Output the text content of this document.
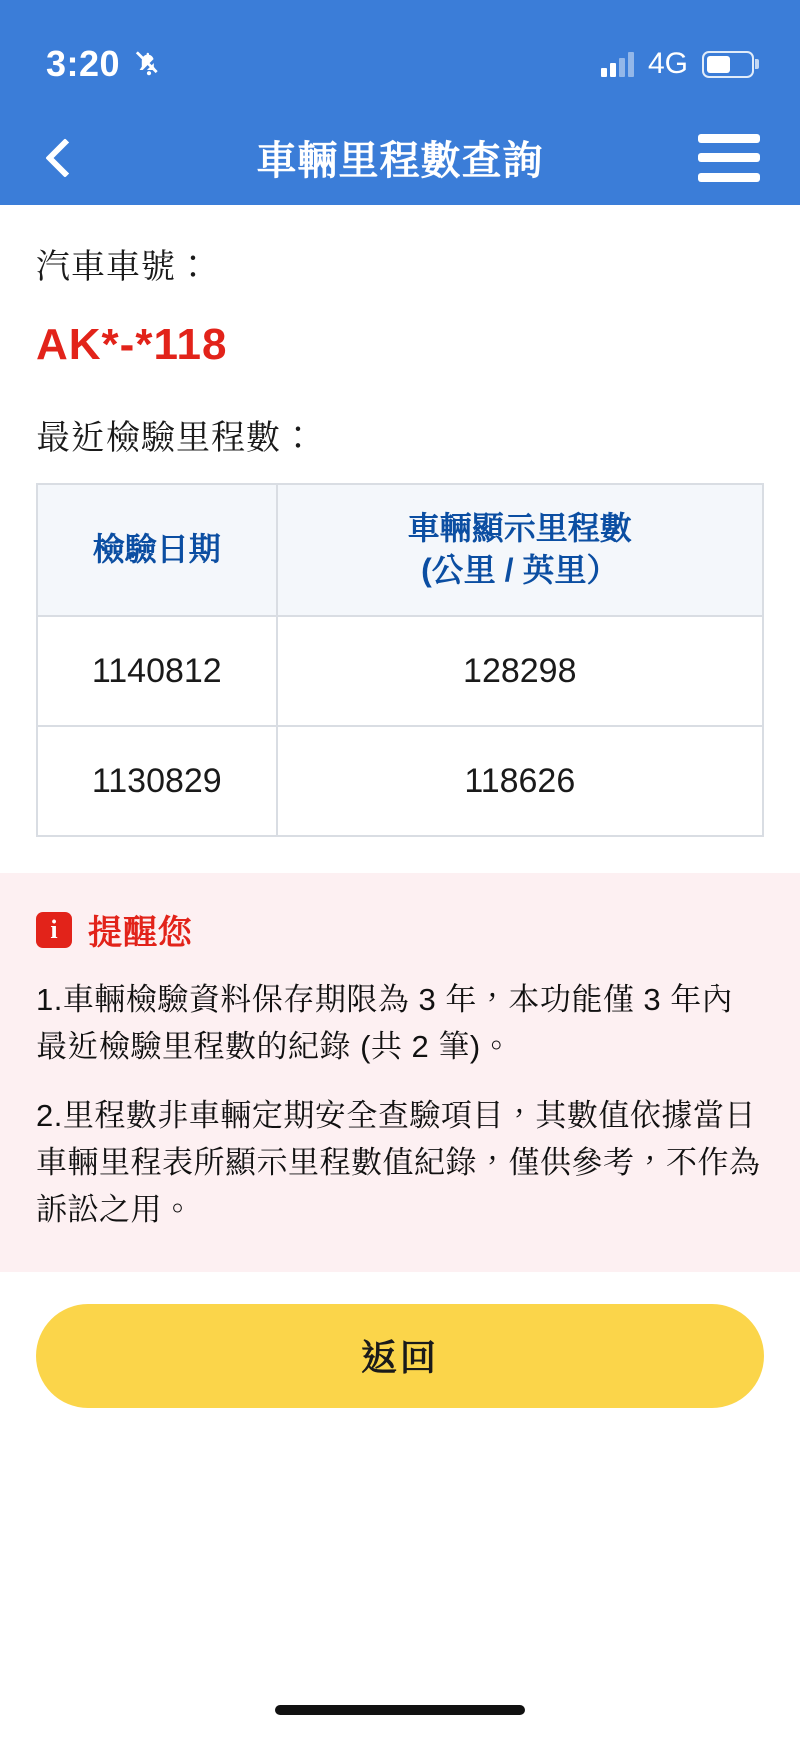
3:20	4G
車輛里程數查詢
汽車車號：
AK*-*118
最近檢驗里程數：
檢驗日期	車輛顯示里程數
(公里 / 英里）

1140812	128298
1130829	118626
i 提醒您
1.車輛檢驗資料保存期限為 3 年，本功能僅 3 年內最近檢驗里程數的紀錄 (共 2 筆)。
2.里程數非車輛定期安全查驗項目，其數值依據當日車輛里程表所顯示里程數值紀錄，僅供參考，不作為訴訟之用。
返回
